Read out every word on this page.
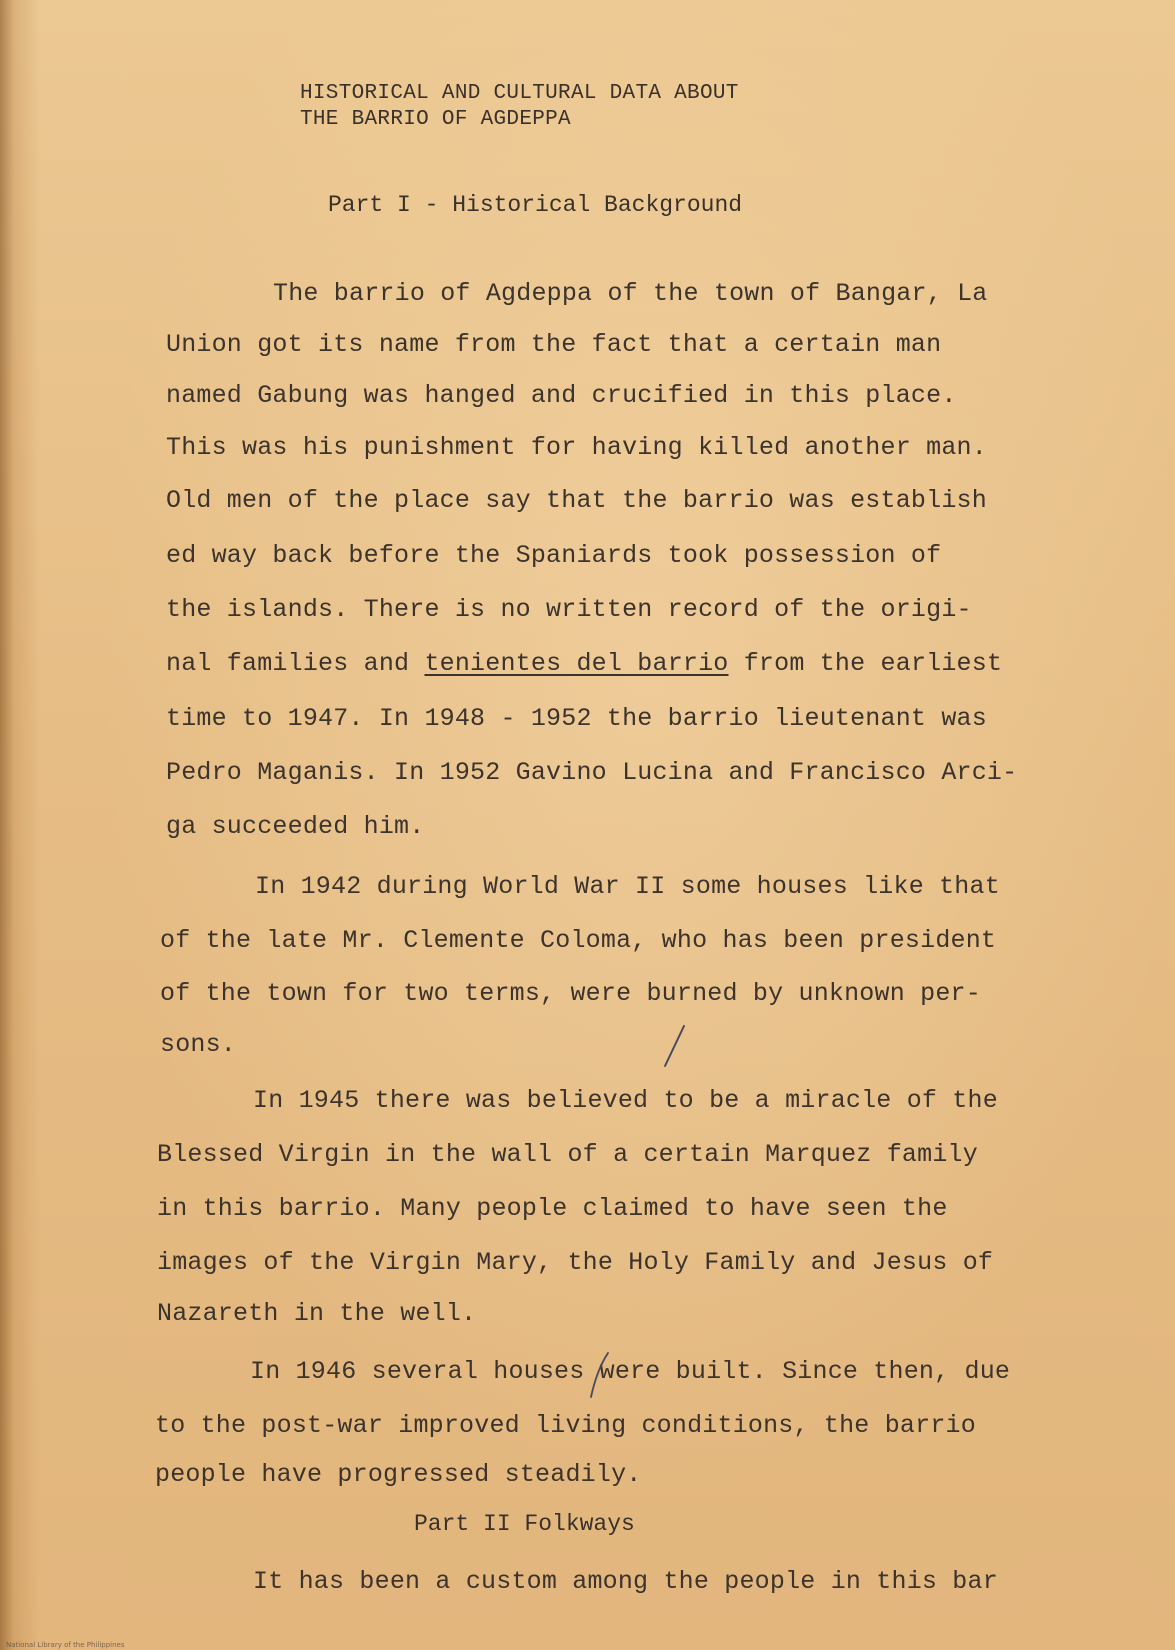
HISTORICAL AND CULTURAL DATA ABOUT
THE BARRIO OF AGDEPPA
Part I - Historical Background
The barrio of Agdeppa of the town of Bangar, La
Union got its name from the fact that a certain man
named Gabung was hanged and crucified in this place.
This was his punishment for having killed another man.
Old men of the place say that the barrio was establish
ed way back before the Spaniards took possession of
the islands. There is no written record of the origi-
nal families and tenientes del barrio from the earliest
time to 1947. In 1948 - 1952 the barrio lieutenant was
Pedro Maganis. In 1952 Gavino Lucina and Francisco Arci-
ga succeeded him.
In 1942 during World War II some houses like that
of the late Mr. Clemente Coloma, who has been president
of the town for two terms, were burned by unknown per-
sons.
In 1945 there was believed to be a miracle of the
Blessed Virgin in the wall of a certain Marquez family
in this barrio. Many people claimed to have seen the
images of the Virgin Mary, the Holy Family and Jesus of
Nazareth in the well.
In 1946 several houses were built. Since then, due
to the post-war improved living conditions, the barrio
people have progressed steadily.
Part II Folkways
It has been a custom among the people in this bar
National Library of the Philippines
